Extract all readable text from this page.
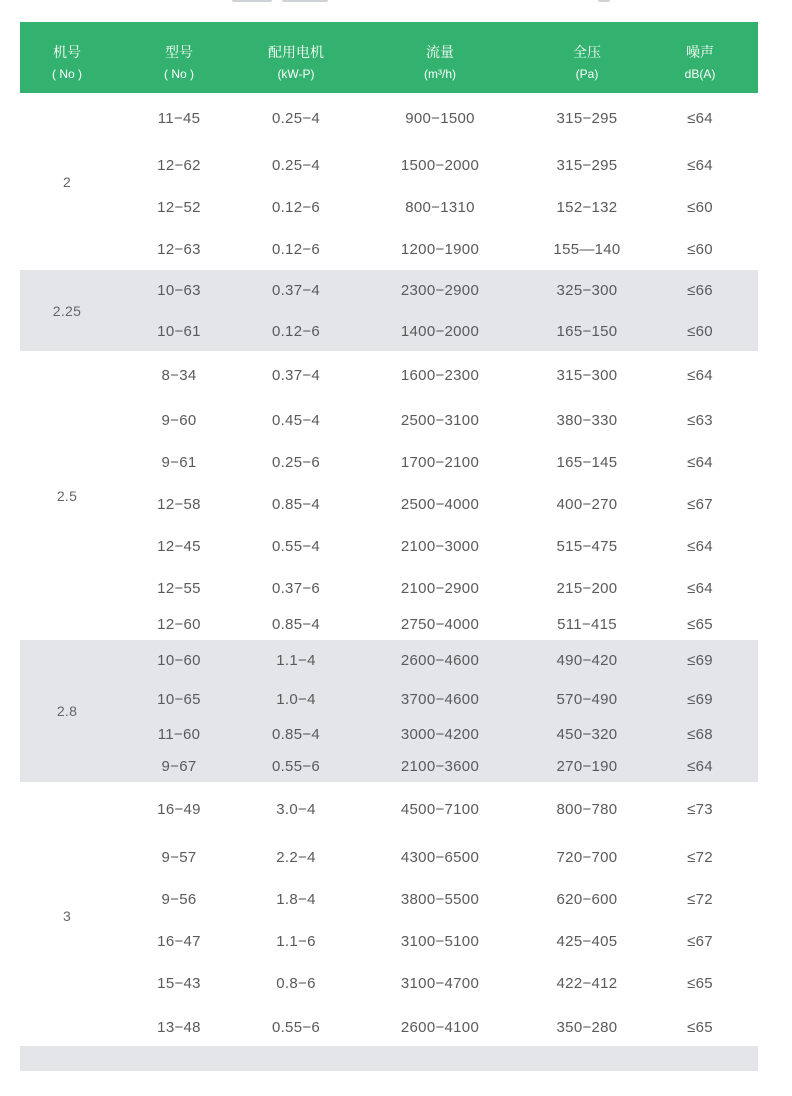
机号	型号	配用电机	流量	全压	噪声
( No )	( No )	(kW-P)	(m³/h)	(Pa)	dB(A)
2	11−45	0.25−4	900−1500	315−295	≤64
	12−62	0.25−4	1500−2000	315−295	≤64
	12−52	0.12−6	800−1310	152−132	≤60
	12−63	0.12−6	1200−1900	155—140	≤60
2.25	10−63	0.37−4	2300−2900	325−300	≤66
	10−61	0.12−6	1400−2000	165−150	≤60
2.5	8−34	0.37−4	1600−2300	315−300	≤64
	9−60	0.45−4	2500−3100	380−330	≤63
	9−61	0.25−6	1700−2100	165−145	≤64
	12−58	0.85−4	2500−4000	400−270	≤67
	12−45	0.55−4	2100−3000	515−475	≤64
	12−55	0.37−6	2100−2900	215−200	≤64
	12−60	0.85−4	2750−4000	511−415	≤65
2.8	10−60	1.1−4	2600−4600	490−420	≤69
	10−65	1.0−4	3700−4600	570−490	≤69
	11−60	0.85−4	3000−4200	450−320	≤68
	9−67	0.55−6	2100−3600	270−190	≤64
3	16−49	3.0−4	4500−7100	800−780	≤73
	9−57	2.2−4	4300−6500	720−700	≤72
	9−56	1.8−4	3800−5500	620−600	≤72
	16−47	1.1−6	3100−5100	425−405	≤67
	15−43	0.8−6	3100−4700	422−412	≤65
	13−48	0.55−6	2600−4100	350−280	≤65
